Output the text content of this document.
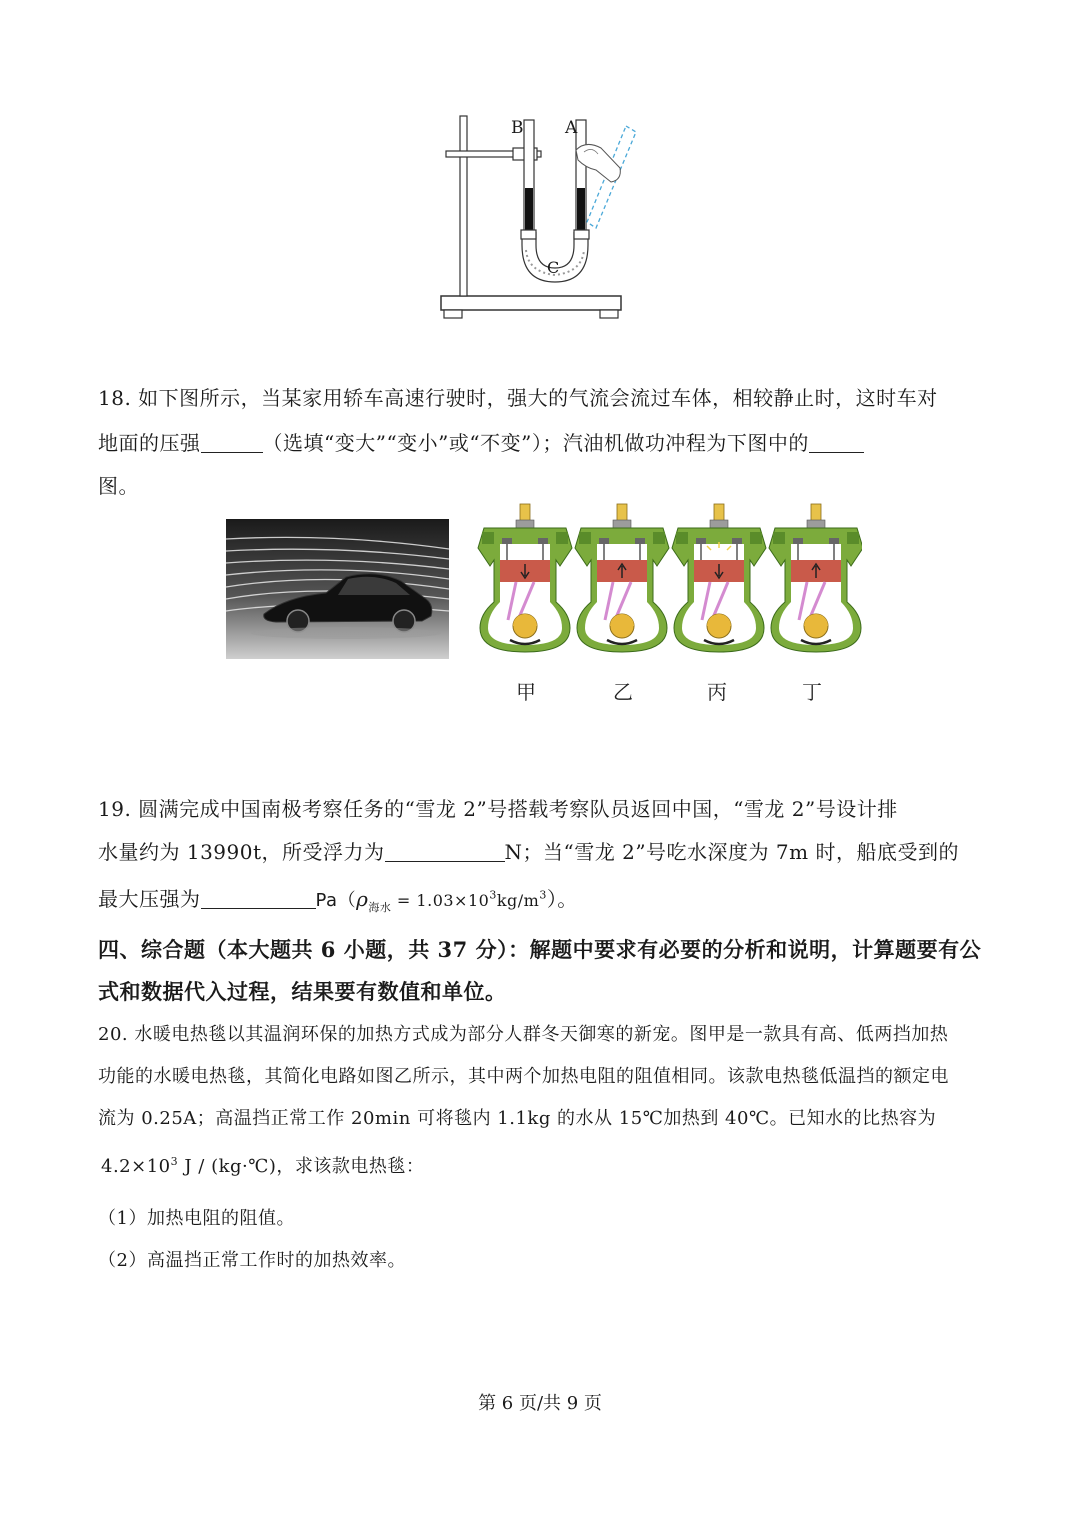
B A
C
18. 如下图所示，当某家用轿车高速行驶时，强大的气流会流过车体，相较静止时，这时车对
地面的压强	（选填“变大”“变小”或“不变”）；汽油机做功冲程为下图中的
图。
甲	乙	丙	丁
19. 圆满完成中国南极考察任务的“雪龙 2”号搭载考察队员返回中国，“雪龙 2”号设计排
水量约为 13990t，所受浮力为	N；当“雪龙 2”号吃水深度为 7m 时，船底受到的
最大压强为	$Pa(\rho_{海水} = 1.03\times 10^3kg/m^3)$。
四、综合题（本大题共 6 小题，共 37 分）：解题中要求有必要的分析和说明，计算题要有公
式和数据代入过程，结果要有数值和单位。
20. 水暖电热毯以其温润环保的加热方式成为部分人群冬天御寒的新宠。图甲是一款具有高、低两挡加热
功能的水暖电热毯，其简化电路如图乙所示，其中两个加热电阻的阻值相同。该款电热毯低温挡的额定电
流为 0.25A；高温挡正常工作 20min 可将毯内 1.1kg 的水从 15℃加热到 40℃。已知水的比热容为
$4.2\times 10^3$ J / (kg·℃)，求该款电热毯：
（1）加热电阻的阻值。
（2）高温挡正常工作时的加热效率。
第 6 页/共 9 页
